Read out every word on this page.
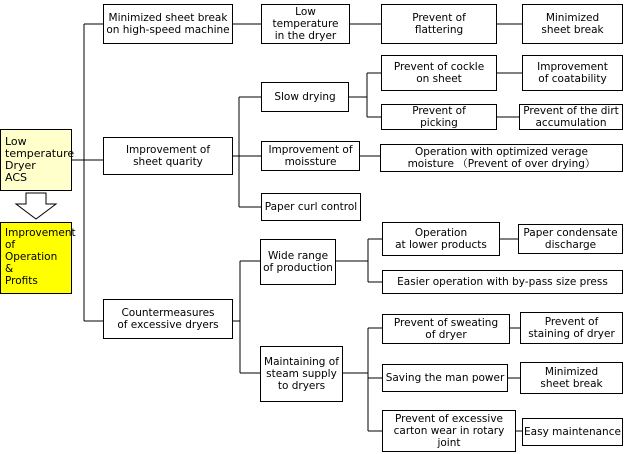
Low
temperature
Dryer
ACS
Improvement
of
Operation
&
Profits
Minimized sheet break
on high-speed machine
Improvement of
sheet quarity
Countermeasures
of excessive dryers
Low temperature
in the dryer
Slow drying
Improvement of
moissture
Paper curl control
Wide range
of production
Maintaining of
steam supply
to dryers
Prevent of
flattering
Prevent of cockle
on sheet
Prevent of
picking
Operation with optimized verage
moisture （Prevent of over drying）
Operation
at lower products
Easier operation with by-pass size press
Prevent of sweating
of dryer
Saving the man power
Prevent of excessive
carton wear in rotary
joint
Minimized
sheet break
Improvement
of coatability
Prevent of the dirt
accumulation
Paper condensate
discharge
Prevent of
staining of dryer
Minimized
sheet break
Easy maintenance
